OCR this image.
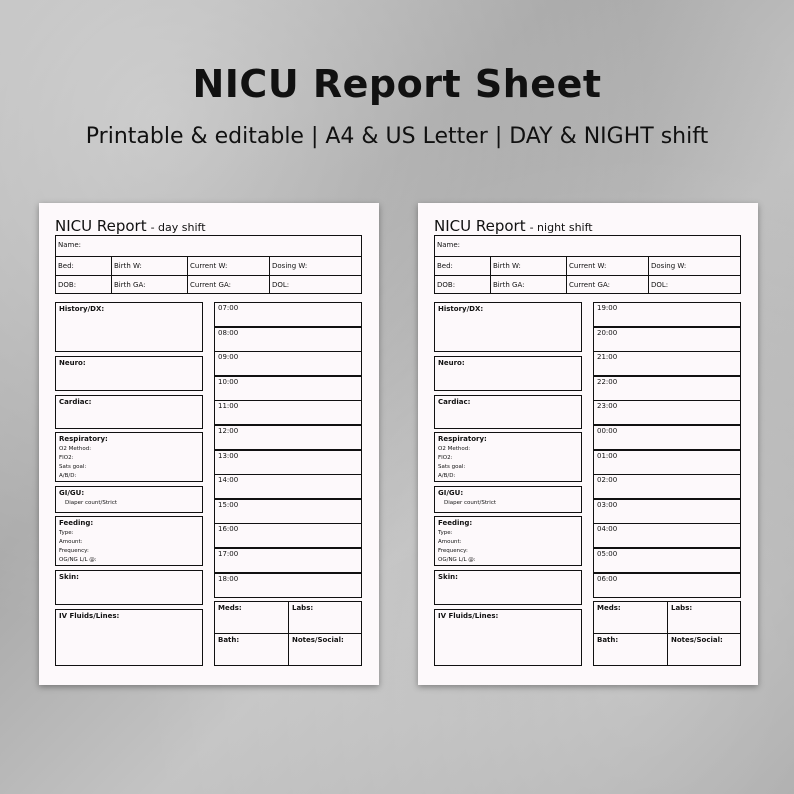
NICU Report Sheet
Printable & editable | A4 & US Letter | DAY & NIGHT shift
NICU Report - day shift
Name:
Bed:	Birth W:	Current W:	Dosing W:
DOB:	Birth GA:	Current GA:	DOL:
History/DX:
Neuro:
Cardiac:
Respiratory:
O2 Method:
FIO2:
Sats goal:
A/B/D:
GI/GU:
Diaper count/Strict
Feeding:
Type:
Amount:
Frequency:
OG/NG L/L @:
Skin:
IV Fluids/Lines:
07:00
08:00
09:00
10:00
11:00
12:00
13:00
14:00
15:00
16:00
17:00
18:00
Meds:	Labs:
Bath:	Notes/Social:
NICU Report - night shift
Name:
Bed:	Birth W:	Current W:	Dosing W:
DOB:	Birth GA:	Current GA:	DOL:
History/DX:
Neuro:
Cardiac:
Respiratory:
O2 Method:
FIO2:
Sats goal:
A/B/D:
GI/GU:
Diaper count/Strict
Feeding:
Type:
Amount:
Frequency:
OG/NG L/L @:
Skin:
IV Fluids/Lines:
19:00
20:00
21:00
22:00
23:00
00:00
01:00
02:00
03:00
04:00
05:00
06:00
Meds:	Labs:
Bath:	Notes/Social:
